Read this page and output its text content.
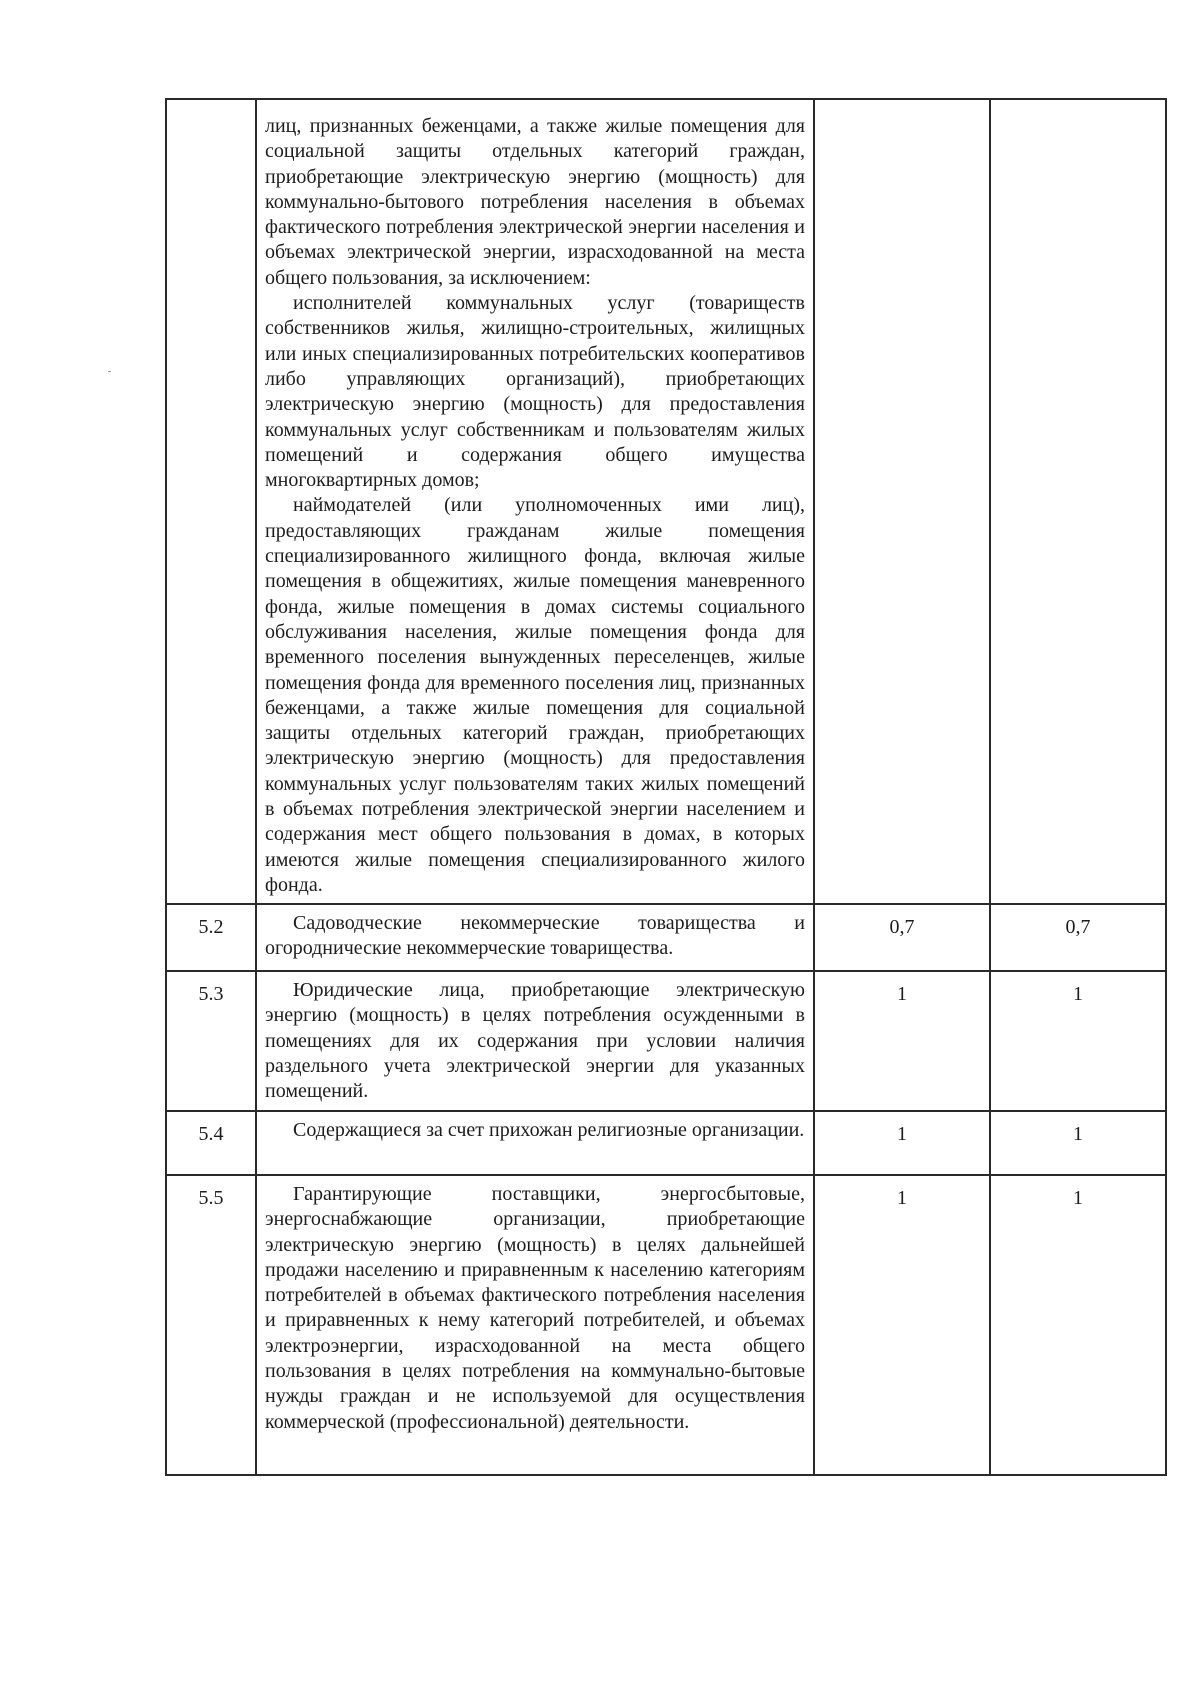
	лиц, признанных беженцами, а также жилые помещения для социальной защиты отдельных категорий граждан, приобретающие электрическую энергию (мощность) для коммунально-бытового потребления населения в объемах фактического потребления электрической энергии населения и объемах электрической энергии, израсходованной на места общего пользования, за исключением:

исполнителей коммунальных услуг (товариществ собственников жилья, жилищно-строительных, жилищных или иных специализированных потребительских кооперативов либо управляющих организаций), приобретающих электрическую энергию (мощность) для предоставления коммунальных услуг собственникам и пользователям жилых помещений и содержания общего имущества многоквартирных домов;

наймодателей (или уполномоченных ими лиц), предоставляющих гражданам жилые помещения специализированного жилищного фонда, включая жилые помещения в общежитиях, жилые помещения маневренного фонда, жилые помещения в домах системы социального обслуживания населения, жилые помещения фонда для временного поселения вынужденных переселенцев, жилые помещения фонда для временного поселения лиц, признанных беженцами, а также жилые помещения для социальной защиты отдельных категорий граждан, приобретающих электрическую энергию (мощность) для предоставления коммунальных услуг пользователям таких жилых помещений в объемах потребления электрической энергии населением и содержания мест общего пользования в домах, в которых имеются жилые помещения специализированного жилого фонда.		

5.2	Садоводческие некоммерческие товарищества и огороднические некоммерческие товарищества.	0,7	0,7
5.3	Юридические лица, приобретающие электрическую энергию (мощность) в целях потребления осужденными в помещениях для их содержания при условии наличия раздельного учета электрической энергии для указанных помещений.	1	1
5.4	Содержащиеся за счет прихожан религиозные организации.	1	1
5.5	Гарантирующие поставщики, энергосбытовые, энергоснабжающие организации, приобретающие электрическую энергию (мощность) в целях дальнейшей продажи населению и приравненным к населению категориям потребителей в объемах фактического потребления населения и приравненных к нему категорий потребителей, и объемах электроэнергии, израсходованной на места общего пользования в целях потребления на коммунально-бытовые нужды граждан и не используемой для осуществления коммерческой (профессиональной) деятельности.	1	1
